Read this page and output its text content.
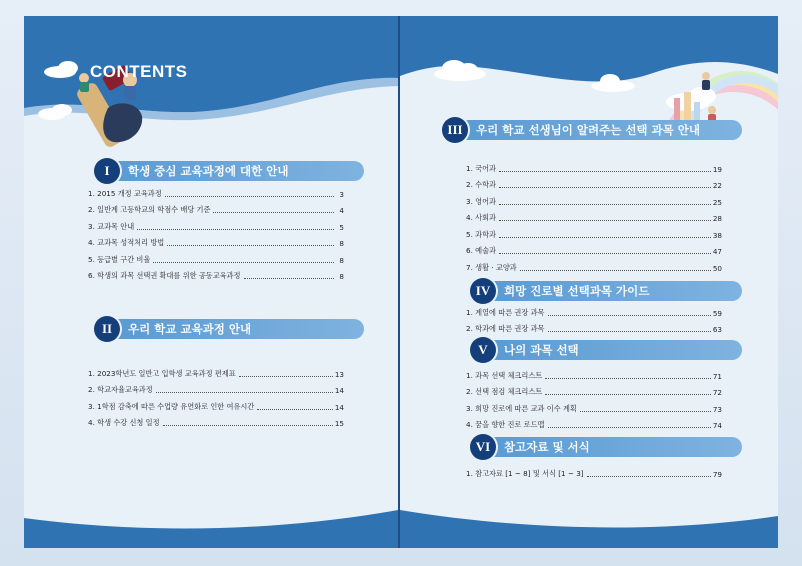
CONTENTS
I	학생 중심 교육과정에 대한 안내
1. 2015 개정 교육과정	3
2. 일반계 고등학교의 학점수 배당 기준	4
3. 교과목 안내	5
4. 교과목 성적처리 방법	8
5. 등급별 구간 비율	8
6. 학생의 과목 선택권 확대를 위한 공동교육과정	8
II	우리 학교 교육과정 안내
1. 2023학년도 일반고 입학생 교육과정 편제표	13
2. 학교자율교육과정	14
3. 1학점 감축에 따른 수업량 유연화로 인한 여유시간	14
4. 학생 수강 신청 일정	15
III	우리 학교 선생님이 알려주는 선택 과목 안내
1. 국어과	19
2. 수학과	22
3. 영어과	25
4. 사회과	28
5. 과학과	38
6. 예술과	47
7. 생활 · 교양과	50
IV	희망 진로별 선택과목 가이드
1. 계열에 따른 권장 과목	59
2. 학과에 따른 권장 과목	63
V	나의 과목 선택
1. 과목 선택 체크리스트	71
2. 선택 점검 체크리스트	72
3. 희망 진로에 따른 교과 이수 계획	73
4. 꿈을 향한 진로 로드맵	74
VI	참고자료 및 서식
1. 참고자료 [1 ~ 8] 및 서식 [1 ~ 3]	79
